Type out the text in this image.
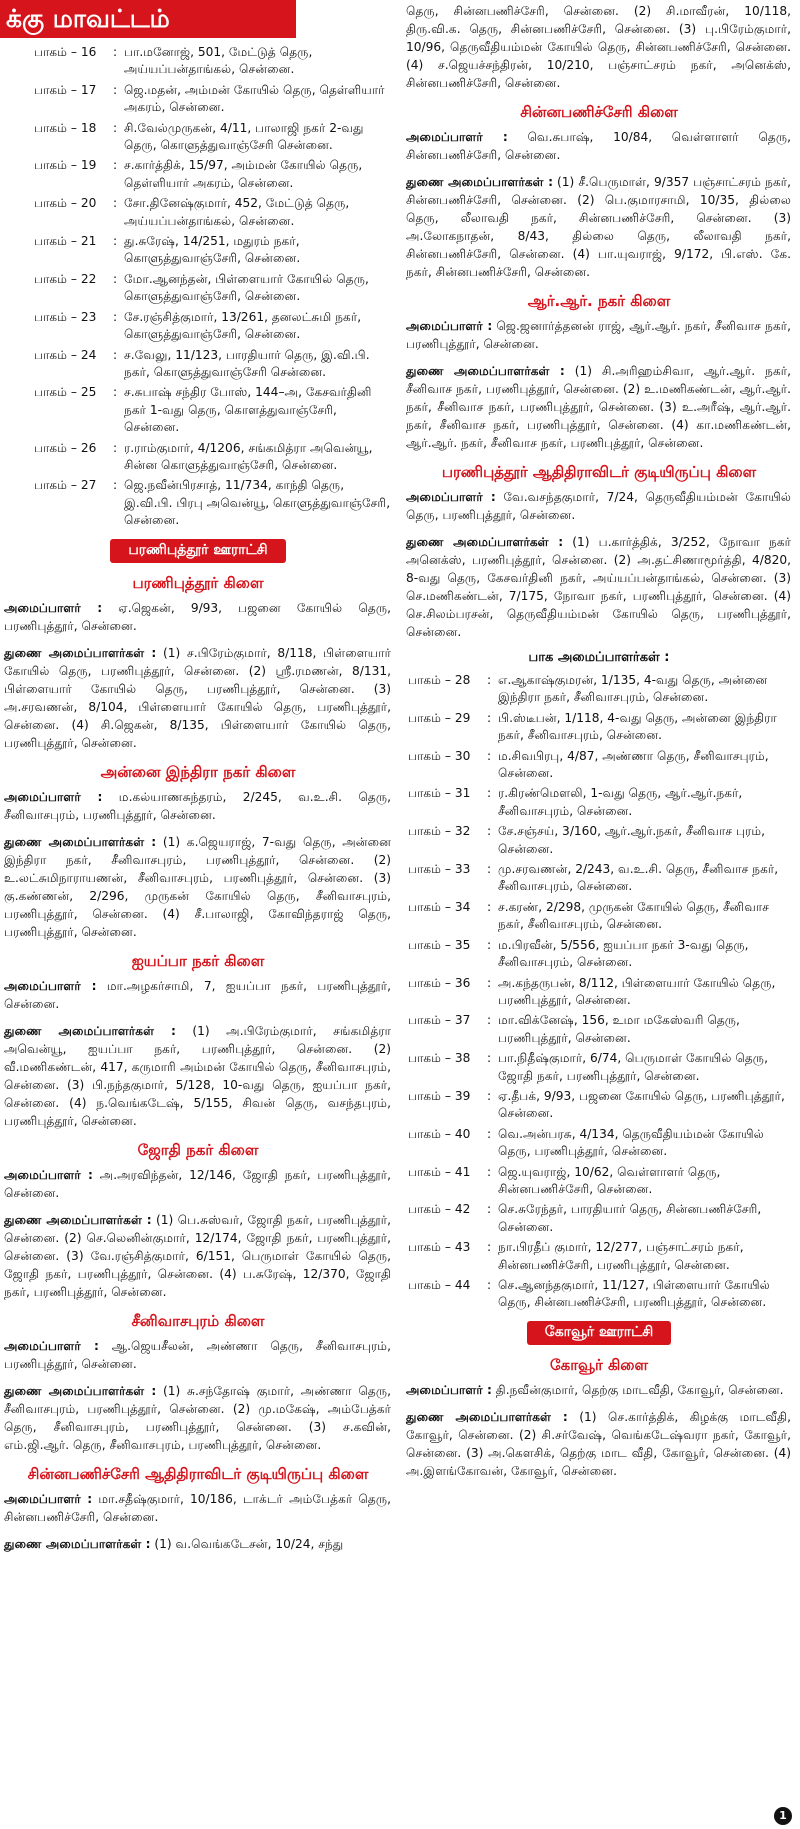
க்கு மாவட்டம்
பாகம் – 16	: பா.மனோஜ், 501, மேட்டுத் தெரு, அய்யப்பன்தாங்கல், சென்னை.
பாகம் – 17	: ஜெ.மதன், அம்மன் கோயில் தெரு, தெள்ளியார் அகரம், சென்னை.
பாகம் – 18	: சி.வேல்முருகன், 4/11, பாலாஜி நகர் 2-வது தெரு, கொளுத்துவாஞ்சேரி சென்னை.
பாகம் – 19	: ச.கார்த்திக், 15/97, அம்மன் கோயில் தெரு, தெள்ளியார் அகரம், சென்னை.
பாகம் – 20	: சோ.தினேஷ்குமார், 452, மேட்டுத் தெரு, அய்யப்பன்தாங்கல், சென்னை.
பாகம் – 21	: து.சுரேஷ், 14/251, மதுரம் நகர், கொளுத்துவாஞ்சேரி, சென்னை.
பாகம் – 22	: மோ.ஆனந்தன், பிள்ளையார் கோயில் தெரு, கொளுத்துவாஞ்சேரி, சென்னை.
பாகம் – 23	: சே.ரஞ்சித்குமார், 13/261, தனலட்சுமி நகர், கொளுத்துவாஞ்சேரி, சென்னை.
பாகம் – 24	: ச.வேலு, 11/123, பாரதியார் தெரு, இ.வி.பி. நகர், கொளுத்துவாஞ்சேரி சென்னை.
பாகம் – 25	: ச.சுபாஷ் சந்திர போஸ், 144–அ, கேசவர்தினி நகர் 1-வது தெரு, கொளத்துவாஞ்சேரி, சென்னை.
பாகம் – 26	: ர.ராம்குமார், 4/1206, சங்கமித்ரா அவென்யூ, சின்ன கொளுத்துவாஞ்சேரி, சென்னை.
பாகம் – 27	: ஜெ.நவீன்பிரசாத், 11/734, காந்தி தெரு, இ.வி.பி. பிரபு அவென்யூ, கொளுத்துவாஞ்சேரி, சென்னை.
பரணிபுத்தூர் ஊராட்சி
பரணிபுத்தூர் கிளை
அமைப்பாளர் : ஏ.ஜெகன், 9/93, பஜனை கோயில் தெரு, பரணிபுத்தூர், சென்னை.
துணை அமைப்பாளர்கள் : (1) ச.பிரேம்குமார், 8/118, பிள்ளையார் கோயில் தெரு, பரணிபுத்தூர், சென்னை. (2) ஸ்ரீ.ரமணன், 8/131, பிள்ளையார் கோயில் தெரு, பரணிபுத்தூர், சென்னை. (3) அ.சரவணன், 8/104, பிள்ளையார் கோயில் தெரு, பரணிபுத்தூர், சென்னை. (4) சி.ஜெகன், 8/135, பிள்ளையார் கோயில் தெரு, பரணிபுத்தூர், சென்னை.
அன்னை இந்திரா நகர் கிளை
அமைப்பாளர் : ம.கல்யாணசுந்தரம், 2/245, வ.உ.சி. தெரு, சீனிவாசபுரம், பரணிபுத்தூர், சென்னை.
துணை அமைப்பாளர்கள் : (1) க.ஜெயராஜ், 7-வது தெரு, அன்னை இந்திரா நகர், சீனிவாசபுரம், பரணிபுத்தூர், சென்னை. (2) உ.லட்சுமிநாராயணன், சீனிவாசபுரம், பரணிபுத்தூர், சென்னை. (3) கு.கண்ணன், 2/296, முருகன் கோயில் தெரு, சீனிவாசபுரம், பரணிபுத்தூர், சென்னை. (4) சீ.பாலாஜி, கோவிந்தராஜ் தெரு, பரணிபுத்தூர், சென்னை.
ஐயப்பா நகர் கிளை
அமைப்பாளர் : மா.அழகர்சாமி, 7, ஐயப்பா நகர், பரணிபுத்தூர், சென்னை.
துணை அமைப்பாளர்கள் : (1) அ.பிரேம்குமார், சங்கமித்ரா அவென்யூ, ஐயப்பா நகர், பரணிபுத்தூர், சென்னை. (2) வீ.மணிகண்டன், 417, கருமாரி அம்மன் கோயில் தெரு, சீனிவாசபுரம், சென்னை. (3) பி.நந்தகுமார், 5/128, 10-வது தெரு, ஐயப்பா நகர், சென்னை. (4) ந.வெங்கடேஷ், 5/155, சிவன் தெரு, வசந்தபுரம், பரணிபுத்தூர், சென்னை.
ஜோதி நகர் கிளை
அமைப்பாளர் : அ.அரவிந்தன், 12/146, ஜோதி நகர், பரணிபுத்தூர், சென்னை.
துணை அமைப்பாளர்கள் : (1) பெ.சுஸ்வர், ஜோதி நகர், பரணிபுத்தூர், சென்னை. (2) செ.லெனின்குமார், 12/174, ஜோதி நகர், பரணிபுத்தூர், சென்னை. (3) வே.ரஞ்சித்குமார், 6/151, பெருமாள் கோயில் தெரு, ஜோதி நகர், பரணிபுத்தூர், சென்னை. (4) ப.சுரேஷ், 12/370, ஜோதி நகர், பரணிபுத்தூர், சென்னை.
சீனிவாசபுரம் கிளை
அமைப்பாளர் : ஆ.ஜெயசீலன், அண்ணா தெரு, சீனிவாசபுரம், பரணிபுத்தூர், சென்னை.
துணை அமைப்பாளர்கள் : (1) சு.சந்தோஷ் குமார், அண்ணா தெரு, சீனிவாசபுரம், பரணிபுத்தூர், சென்னை. (2) மு.மகேஷ், அம்பேத்கர் தெரு, சீனிவாசபுரம், பரணிபுத்தூர், சென்னை. (3) ச.கவின், எம்.ஜி.ஆர். தெரு, சீனிவாசபுரம், பரணிபுத்தூர், சென்னை.
சின்னபணிச்சேரி ஆதிதிராவிடர் குடியிருப்பு கிளை
அமைப்பாளர் : மா.சதீஷ்குமார், 10/186, டாக்டர் அம்பேத்கர் தெரு, சின்னபணிச்சேரி, சென்னை.
துணை அமைப்பாளர்கள் : (1) வ.வெங்கடேசன், 10/24, சந்து
தெரு, சின்னபணிச்சேரி, சென்னை. (2) சி.மாவீரன், 10/118, திரு.வி.க. தெரு, சின்னபணிச்சேரி, சென்னை. (3) பு.பிரேம்குமார், 10/96, தெருவீதியம்மன் கோயில் தெரு, சின்னபணிச்சேரி, சென்னை. (4) ச.ஜெயச்சந்திரன், 10/210, பஞ்சாட்சரம் நகர், அனெக்ஸ், சின்னபணிச்சேரி, சென்னை.
சின்னபணிச்சேரி கிளை
அமைப்பாளர் : வெ.சுபாஷ், 10/84, வெள்ளாளர் தெரு, சின்னபணிச்சேரி, சென்னை.
துணை அமைப்பாளர்கள் : (1) சீ.பெருமாள், 9/357 பஞ்சாட்சரம் நகர், சின்னபணிச்சேரி, சென்னை. (2) பெ.குமாரசாமி, 10/35, தில்லை தெரு, லீலாவதி நகர், சின்னபணிச்சேரி, சென்னை. (3) அ.லோகநாதன், 8/43, தில்லை தெரு, லீலாவதி நகர், சின்னபணிச்சேரி, சென்னை. (4) பா.யுவராஜ், 9/172, பி.எஸ். கே. நகர், சின்னபணிச்சேரி, சென்னை.
ஆர்.ஆர். நகர் கிளை
அமைப்பாளர் : ஜெ.ஜனார்த்தனன் ராஜ், ஆர்.ஆர். நகர், சீனிவாச நகர், பரணிபுத்தூர், சென்னை.
துணை அமைப்பாளர்கள் : (1) சி.அரிஹம்சிவா, ஆர்.ஆர். நகர், சீனிவாச நகர், பரணிபுத்தூர், சென்னை. (2) உ.மணிகண்டன், ஆர்.ஆர். நகர், சீனிவாச நகர், பரணிபுத்தூர், சென்னை. (3) உ.அரீஷ், ஆர்.ஆர். நகர், சீனிவாச நகர், பரணிபுத்தூர், சென்னை. (4) கா.மணிகண்டன், ஆர்.ஆர். நகர், சீனிவாச நகர், பரணிபுத்தூர், சென்னை.
பரணிபுத்தூர் ஆதிதிராவிடர் குடியிருப்பு கிளை
அமைப்பாளர் : வே.வசந்தகுமார், 7/24, தெருவீதியம்மன் கோயில் தெரு, பரணிபுத்தூர், சென்னை.
துணை அமைப்பாளர்கள் : (1) ப.கார்த்திக், 3/252, நோவா நகர் அனெக்ஸ், பரணிபுத்தூர், சென்னை. (2) அ.தட்சிணாமூர்த்தி, 4/820, 8-வது தெரு, கேசவர்தினி நகர், அய்யப்பன்தாங்கல், சென்னை. (3) செ.மணிகண்டன், 7/175, நோவா நகர், பரணிபுத்தூர், சென்னை. (4) செ.சிலம்பரசன், தெருவீதியம்மன் கோயில் தெரு, பரணிபுத்தூர், சென்னை.
பாக அமைப்பாளர்கள் :
பாகம் – 28	: எ.ஆகாஷ்குமரன், 1/135, 4-வது தெரு, அன்னை இந்திரா நகர், சீனிவாசபுரம், சென்னை.
பாகம் – 29	: பி.ஸ்டீபன், 1/118, 4-வது தெரு, அன்னை இந்திரா நகர், சீனிவாசபுரம், சென்னை.
பாகம் – 30	: ம.சிவபிரபு, 4/87, அண்ணா தெரு, சீனிவாசபுரம், சென்னை.
பாகம் – 31	: ர.கிரண்மௌலி, 1-வது தெரு, ஆர்.ஆர்.நகர், சீனிவாசபுரம், சென்னை.
பாகம் – 32	: சே.சஞ்சய், 3/160, ஆர்.ஆர்.நகர், சீனிவாச புரம், சென்னை.
பாகம் – 33	: மு.சரவணன், 2/243, வ.உ.சி. தெரு, சீனிவாச நகர், சீனிவாசபுரம், சென்னை.
பாகம் – 34	: ச.கரண், 2/298, முருகன் கோயில் தெரு, சீனிவாச நகர், சீனிவாசபுரம், சென்னை.
பாகம் – 35	: ம.பிரவீன், 5/556, ஐயப்பா நகர் 3-வது தெரு, சீனிவாசபுரம், சென்னை.
பாகம் – 36	: அ.கந்தருபன், 8/112, பிள்ளையார் கோயில் தெரு, பரணிபுத்தூர், சென்னை.
பாகம் – 37	: மா.விக்னேஷ், 156, உமா மகேஸ்வரி தெரு, பரணிபுத்தூர், சென்னை.
பாகம் – 38	: பா.நிதீஷ்குமார், 6/74, பெருமாள் கோயில் தெரு, ஜோதி நகர், பரணிபுத்தூர், சென்னை.
பாகம் – 39	: ஏ.தீபக், 9/93, பஜனை கோயில் தெரு, பரணிபுத்தூர், சென்னை.
பாகம் – 40	: வெ.அன்பரசு, 4/134, தெருவீதியம்மன் கோயில் தெரு, பரணிபுத்தூர், சென்னை.
பாகம் – 41	: ஜெ.யுவராஜ், 10/62, வெள்ளாளர் தெரு, சின்னபணிச்சேரி, சென்னை.
பாகம் – 42	: செ.சுரேந்தர், பாரதியார் தெரு, சின்னபணிச்சேரி, சென்னை.
பாகம் – 43	: நா.பிரதீப் குமார், 12/277, பஞ்சாட்சரம் நகர், சின்னபணிச்சேரி, பரணிபுத்தூர், சென்னை.
பாகம் – 44	: செ.ஆனந்தகுமார், 11/127, பிள்ளையார் கோயில் தெரு, சின்னபணிச்சேரி, பரணிபுத்தூர், சென்னை.
கோவூர் ஊராட்சி
கோவூர் கிளை
அமைப்பாளர் : தி.நவீன்குமார், தெற்கு மாடவீதி, கோவூர், சென்னை.
துணை அமைப்பாளர்கள் : (1) செ.கார்த்திக், கிழக்கு மாடவீதி, கோவூர், சென்னை. (2) சி.சர்வேஷ், வெங்கடேஷ்வரா நகர், கோவூர், சென்னை. (3) அ.கௌசிக், தெற்கு மாட வீதி, கோவூர், சென்னை. (4) அ.இளங்கோவன், கோவூர், சென்னை.
1
